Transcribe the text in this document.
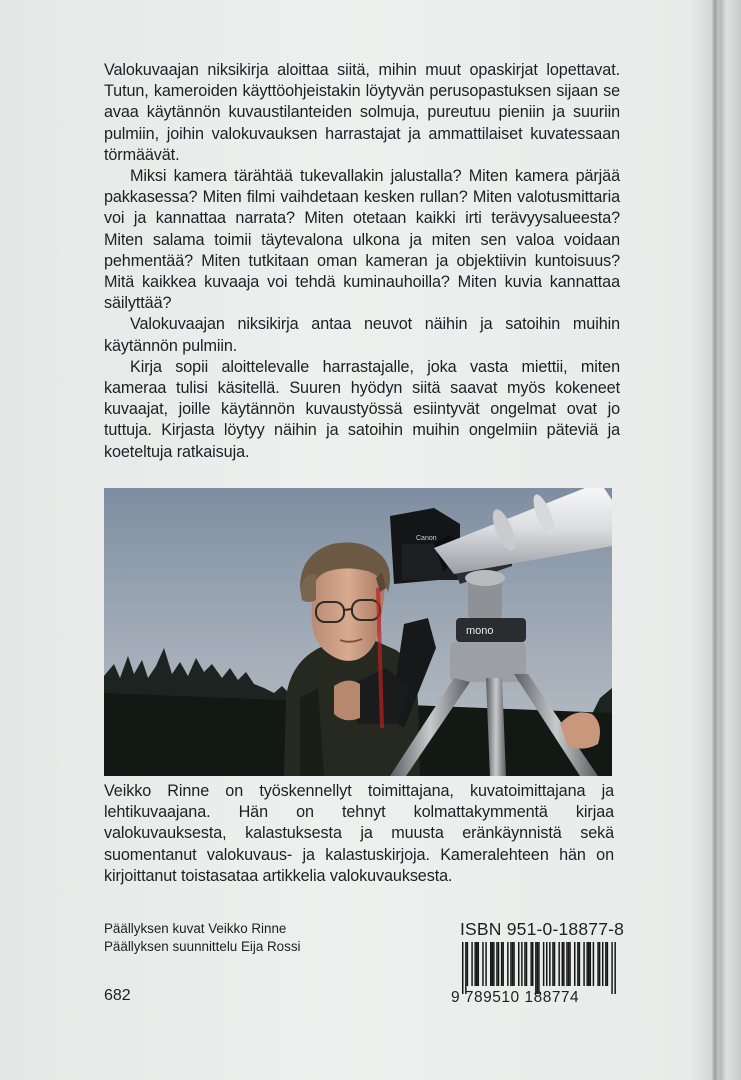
Valokuvaajan niksikirja aloittaa siitä, mihin muut opaskirjat lopettavat. Tutun, kameroiden käyttöohjeistakin löytyvän perusopastuksen sijaan se avaa käytännön kuvaustilanteiden solmuja, pureutuu pieniin ja suuriin pulmiin, joihin valokuvauksen harrastajat ja ammattilaiset kuvatessaan törmäävät.

Miksi kamera tärähtää tukevallakin jalustalla? Miten kamera pärjää pakkasessa? Miten filmi vaihdetaan kesken rullan? Miten valotusmittaria voi ja kannattaa narrata? Miten otetaan kaikki irti terävyysalueesta? Miten salama toimii täytevalona ulkona ja miten sen valoa voidaan pehmentää? Miten tutkitaan oman kameran ja objektiivin kuntoisuus? Mitä kaikkea kuvaaja voi tehdä kuminauhoilla? Miten kuvia kannattaa säilyttää?

Valokuvaajan niksikirja antaa neuvot näihin ja satoihin muihin käytännön pulmiin.

Kirja sopii aloittelevalle harrastajalle, joka vasta miettii, miten kameraa tulisi käsitellä. Suuren hyödyn siitä saavat myös kokeneet kuvaajat, joille käytännön kuvaustyössä esiintyvät ongelmat ovat jo tuttuja. Kirjasta löytyy näihin ja satoihin muihin ongelmiin päteviä ja koeteltuja ratkaisuja.

Canon
mono

Veikko Rinne on työskennellyt toimittajana, kuvatoimittajana ja lehtikuvaajana. Hän on tehnyt kolmattakymmentä kirjaa valokuvauksesta, kalastuksesta ja muusta eränkäynnistä sekä suomentanut valokuvaus- ja kalastuskirjoja. Kameralehteen hän on kirjoittanut toistasataa artikkelia valokuvauksesta.

Päällyksen kuvat Veikko Rinne
Päällyksen suunnittelu Eija Rossi
682
ISBN 951-0-18877-8
9 789510 188774
